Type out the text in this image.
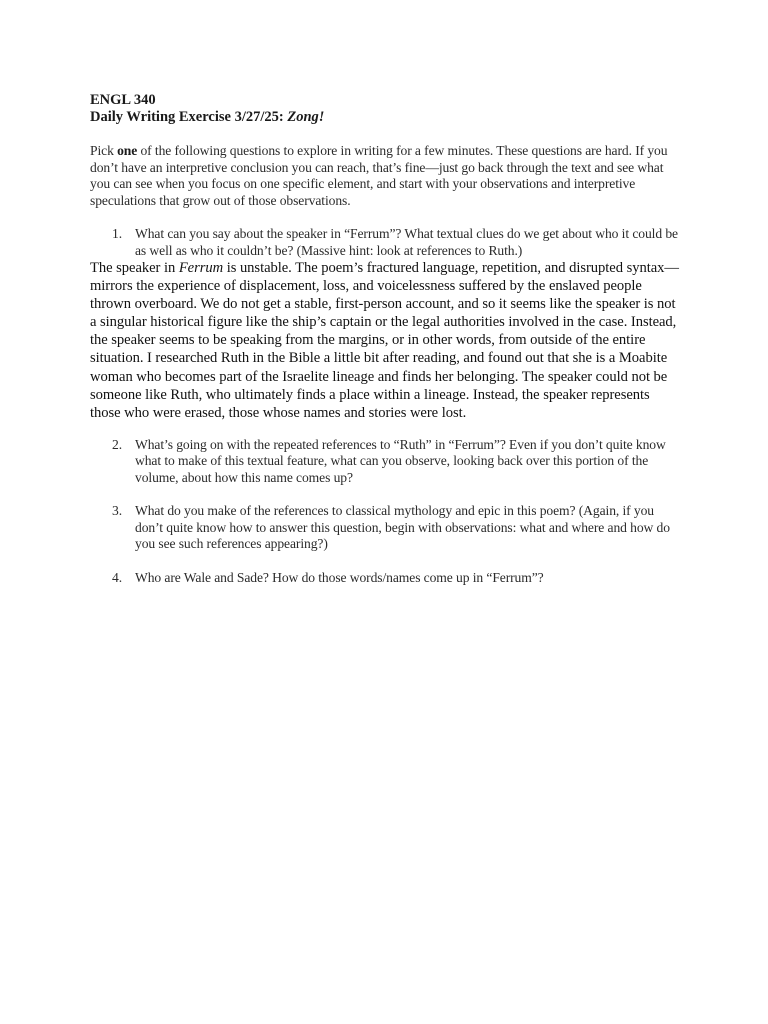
ENGL 340
Daily Writing Exercise 3/27/25: Zong!
Pick one of the following questions to explore in writing for a few minutes. These questions are hard. If you don’t have an interpretive conclusion you can reach, that’s fine—just go back through the text and see what you can see when you focus on one specific element, and start with your observations and interpretive speculations that grow out of those observations.
1. What can you say about the speaker in “Ferrum”? What textual clues do we get about who it could be as well as who it couldn’t be? (Massive hint: look at references to Ruth.)
The speaker in Ferrum is unstable. The poem’s fractured language, repetition, and disrupted syntax—mirrors the experience of displacement, loss, and voicelessness suffered by the enslaved people thrown overboard. We do not get a stable, first-person account, and so it seems like the speaker is not a singular historical figure like the ship’s captain or the legal authorities involved in the case. Instead, the speaker seems to be speaking from the margins, or in other words, from outside of the entire situation. I researched Ruth in the Bible a little bit after reading, and found out that she is a Moabite woman who becomes part of the Israelite lineage and finds her belonging. The speaker could not be someone like Ruth, who ultimately finds a place within a lineage. Instead, the speaker represents those who were erased, those whose names and stories were lost.
2. What’s going on with the repeated references to “Ruth” in “Ferrum”? Even if you don’t quite know what to make of this textual feature, what can you observe, looking back over this portion of the volume, about how this name comes up?
3. What do you make of the references to classical mythology and epic in this poem? (Again, if you don’t quite know how to answer this question, begin with observations: what and where and how do you see such references appearing?)
4. Who are Wale and Sade? How do those words/names come up in “Ferrum”?
